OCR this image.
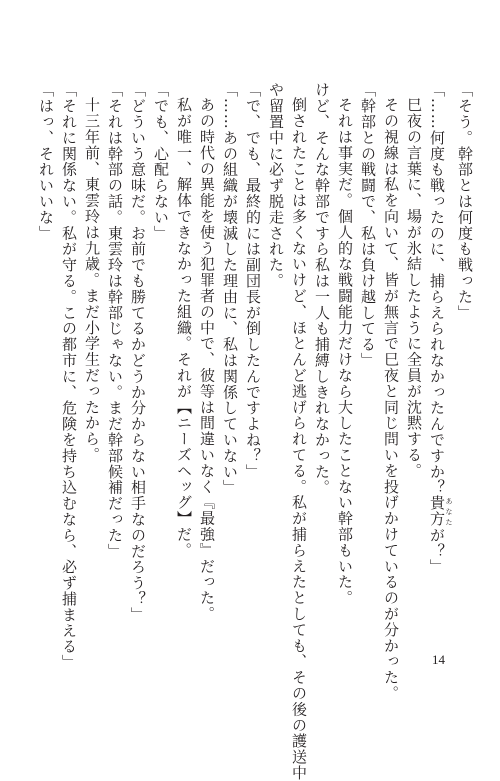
「そう。幹部とは何度も戦った」
「……何度も戦ったのに、捕らえられなかったんですか？貴方 あなたが？」
巳夜の言葉に、場が氷結したように全員が沈黙する。
その視線は私を向いて、皆が無言で巳夜と同じ問いを投げかけているのが分かった。
「幹部との戦闘で、私は負け越してる」
それは事実だ。個人的な戦闘能力だけなら大したことない幹部もいた。
けど、そんな幹部ですら私は一人も捕縛しきれなかった。
倒されたことは多くないけど、ほとんど逃げられてる。私が捕らえたとしても、その後の護送中
や留置中に必ず脱走された。
「で、でも、最終的には副団長が倒したんですよね？」
「……あの組織が壊滅した理由に、私は関係していない」
あの時代の異能を使う犯罪者の中で、彼等は間違いなく『最強』だった。
私が唯一、解体できなかった組織。それが【ニーズヘッグ】だ。
「でも、心配らない」
「どういう意味だ。お前でも勝てるかどうか分からない相手なのだろう？」
「それは幹部の話。東雲玲は幹部じゃない。まだ幹部候補だった」
十三年前、東雲玲は九歳。まだ小学生だったから。
「それに関係ない。私が守る。この都市に、危険を持ち込むなら、必ず捕まえる」
「はっ、それいいな」
14
